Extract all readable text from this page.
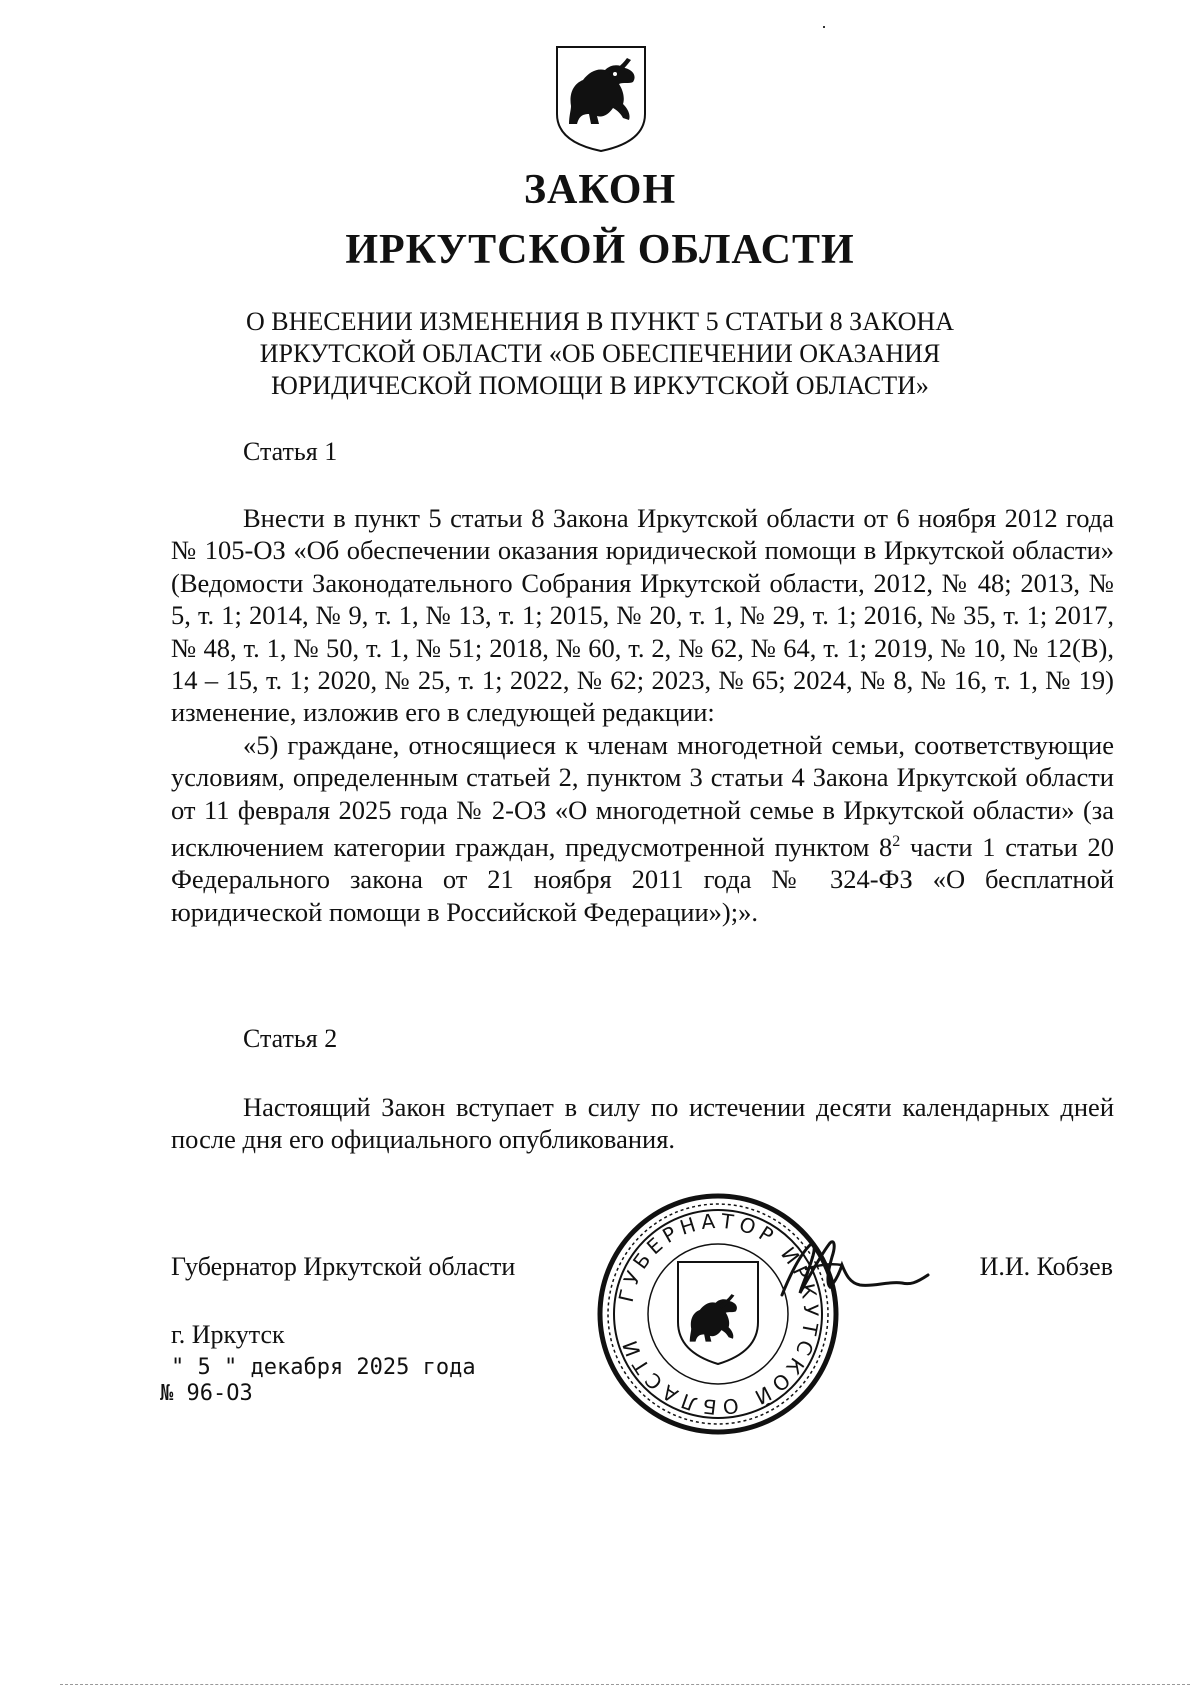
ЗАКОН
ИРКУТСКОЙ ОБЛАСТИ
О ВНЕСЕНИИ ИЗМЕНЕНИЯ В ПУНКТ 5 СТАТЬИ 8 ЗАКОНА ИРКУТСКОЙ ОБЛАСТИ «ОБ ОБЕСПЕЧЕНИИ ОКАЗАНИЯ ЮРИДИЧЕСКОЙ ПОМОЩИ В ИРКУТСКОЙ ОБЛАСТИ»
Статья 1

Внести в пункт 5 статьи 8 Закона Иркутской области от 6 ноября 2012 года № 105-ОЗ «Об обеспечении оказания юридической помощи в Иркутской области» (Ведомости Законодательного Собрания Иркутской области, 2012, № 48; 2013, № 5, т. 1; 2014, № 9, т. 1, № 13, т. 1; 2015, № 20, т. 1, № 29, т. 1; 2016, № 35, т. 1; 2017, № 48, т. 1, № 50, т. 1, № 51; 2018, № 60, т. 2, № 62, № 64, т. 1; 2019, № 10, № 12(В), 14 – 15, т. 1; 2020, № 25, т. 1; 2022, № 62; 2023, № 65; 2024, № 8, № 16, т. 1, № 19) изменение, изложив его в следующей редакции:

«5) граждане, относящиеся к членам многодетной семьи, соответствующие условиям, определенным статьей 2, пунктом 3 статьи 4 Закона Иркутской области от 11 февраля 2025 года № 2-ОЗ «О многодетной семье в Иркутской области» (за исключением категории граждан, предусмотренной пунктом $8^2$ части 1 статьи 20 Федерального закона от 21 ноября 2011 года № 324-ФЗ «О бесплатной юридической помощи в Российской Федерации»);».

Статья 2

Настоящий Закон вступает в силу по истечении десяти календарных дней после дня его официального опубликования.

ГУБЕРНАТОР ИРКУТСКОЙ ОБЛАСТИ
Губернатор Иркутской области	И.И. Кобзев
г. Иркутск
" 5 " декабря 2025 года
№ 96-ОЗ
